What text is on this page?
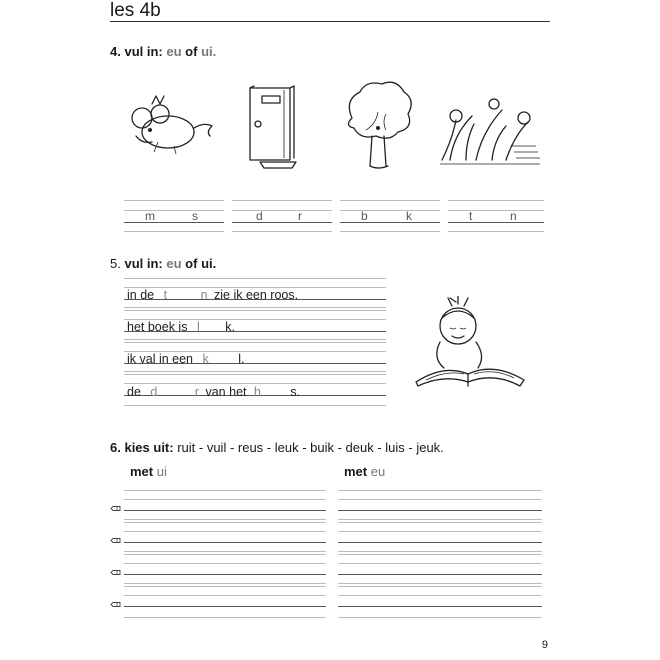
les 4b
4. vul in: eu of ui.
m	s	d	r	b	k	t	n
5. vul in: eu of ui.
in de t	n zie ik een roos.
het boek is l k.
ik val in een k l.
de d	r van het h s.
6. kies uit: ruit - vuil - reus - leuk - buik - deuk - luis - jeuk.
met ui	met eu
9
